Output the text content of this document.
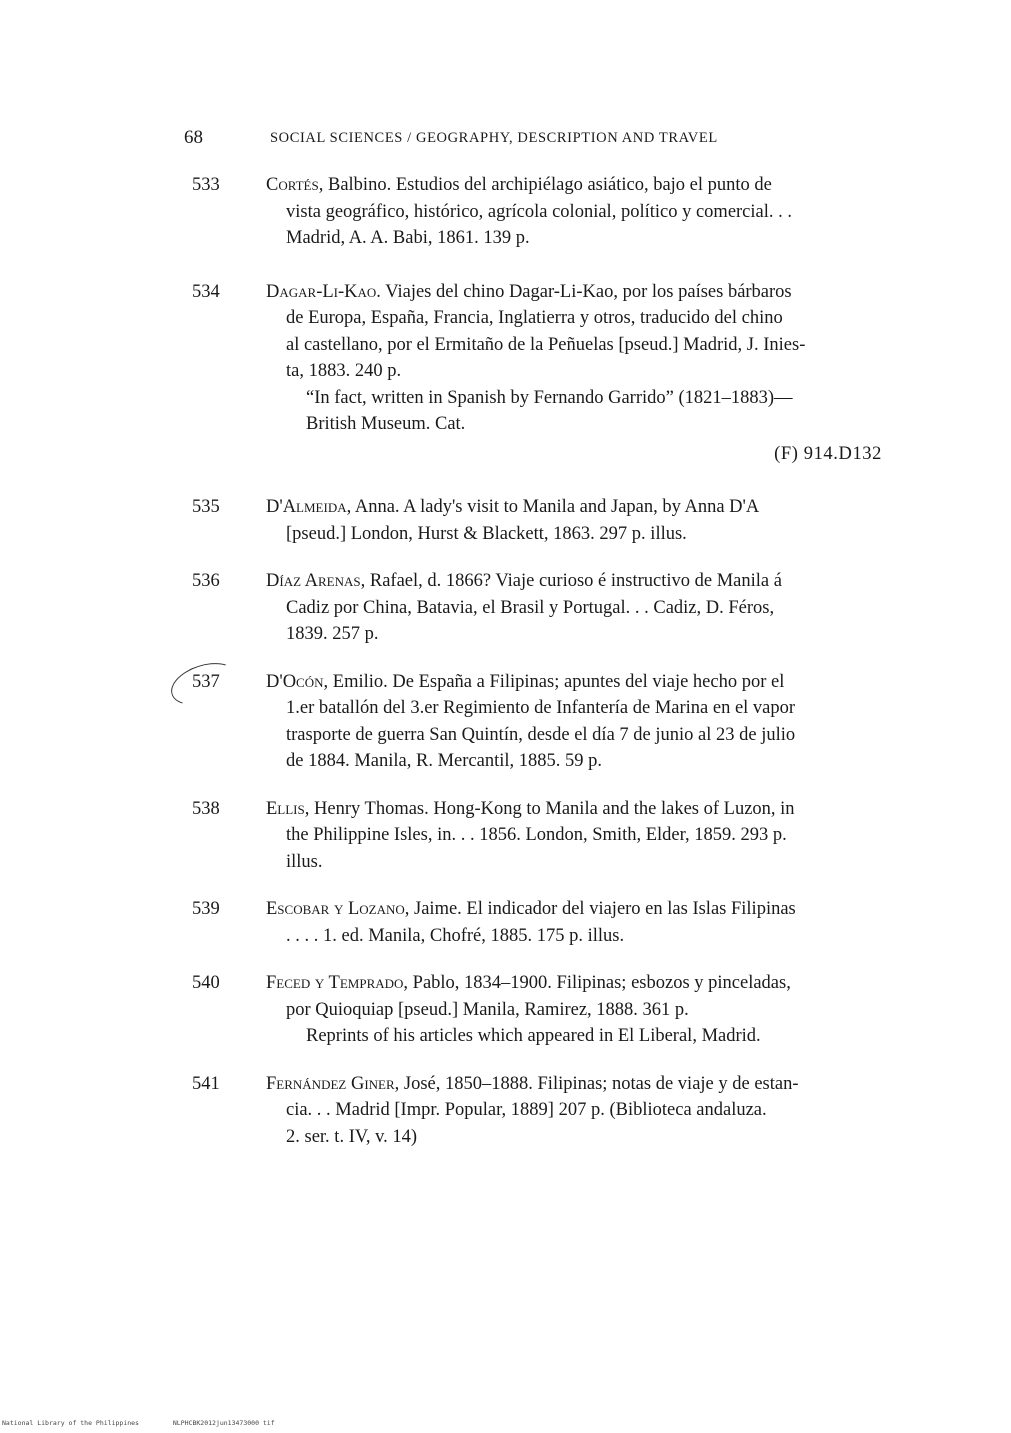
68	SOCIAL SCIENCES / GEOGRAPHY, DESCRIPTION AND TRAVEL
533	Cortés, Balbino. Estudios del archipiélago asiático, bajo el punto de
vista geográfico, histórico, agrícola colonial, político y comercial. . .
Madrid, A. A. Babi, 1861. 139 p.
534	Dagar-Li-Kao. Viajes del chino Dagar-Li-Kao, por los países bárbaros
de Europa, España, Francia, Inglatierra y otros, traducido del chino
al castellano, por el Ermitaño de la Peñuelas [pseud.] Madrid, J. Inies-
ta, 1883. 240 p.
“In fact, written in Spanish by Fernando Garrido” (1821–1883)—
British Museum. Cat.
(F) 914.D132
535	D'Almeida, Anna. A lady's visit to Manila and Japan, by Anna D'A
[pseud.] London, Hurst & Blackett, 1863. 297 p. illus.
536	Díaz Arenas, Rafael, d. 1866? Viaje curioso é instructivo de Manila á
Cadiz por China, Batavia, el Brasil y Portugal. . . Cadiz, D. Féros,
1839. 257 p.
537	D'Ocón, Emilio. De España a Filipinas; apuntes del viaje hecho por el
1.er batallón del 3.er Regimiento de Infantería de Marina en el vapor
trasporte de guerra San Quintín, desde el día 7 de junio al 23 de julio
de 1884. Manila, R. Mercantil, 1885. 59 p.
538	Ellis, Henry Thomas. Hong-Kong to Manila and the lakes of Luzon, in
the Philippine Isles, in. . . 1856. London, Smith, Elder, 1859. 293 p.
illus.
539	Escobar y Lozano, Jaime. El indicador del viajero en las Islas Filipinas
. . . . 1. ed. Manila, Chofré, 1885. 175 p. illus.
540	Feced y Temprado, Pablo, 1834–1900. Filipinas; esbozos y pinceladas,
por Quioquiap [pseud.] Manila, Ramirez, 1888. 361 p.
Reprints of his articles which appeared in El Liberal, Madrid.
541	Fernández Giner, José, 1850–1888. Filipinas; notas de viaje y de estan-
cia. . . Madrid [Impr. Popular, 1889] 207 p. (Biblioteca andaluza.
2. ser. t. IV, v. 14)
National Library of the Philippines	NLPHCBK2012jun13473000 tif
